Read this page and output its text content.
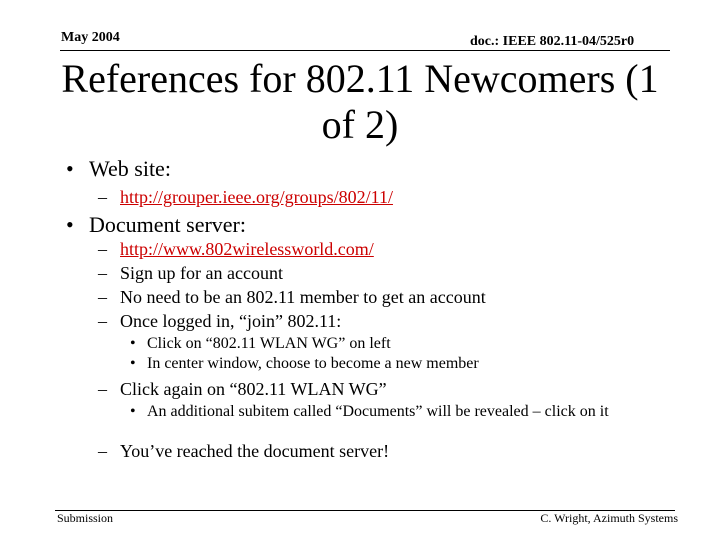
May 2004	doc.: IEEE 802.11-04/525r0
References for 802.11 Newcomers (1 of 2)
• Web site:
– http://grouper.ieee.org/groups/802/11/
• Document server:
– http://www.802wirelessworld.com/
– Sign up for an account
– No need to be an 802.11 member to get an account
– Once logged in, “join” 802.11:
• Click on “802.11 WLAN WG” on left
• In center window, choose to become a new member
– Click again on “802.11 WLAN WG”
• An additional subitem called “Documents” will be revealed – click on it
– You’ve reached the document server!
Submission	C. Wright, Azimuth Systems
